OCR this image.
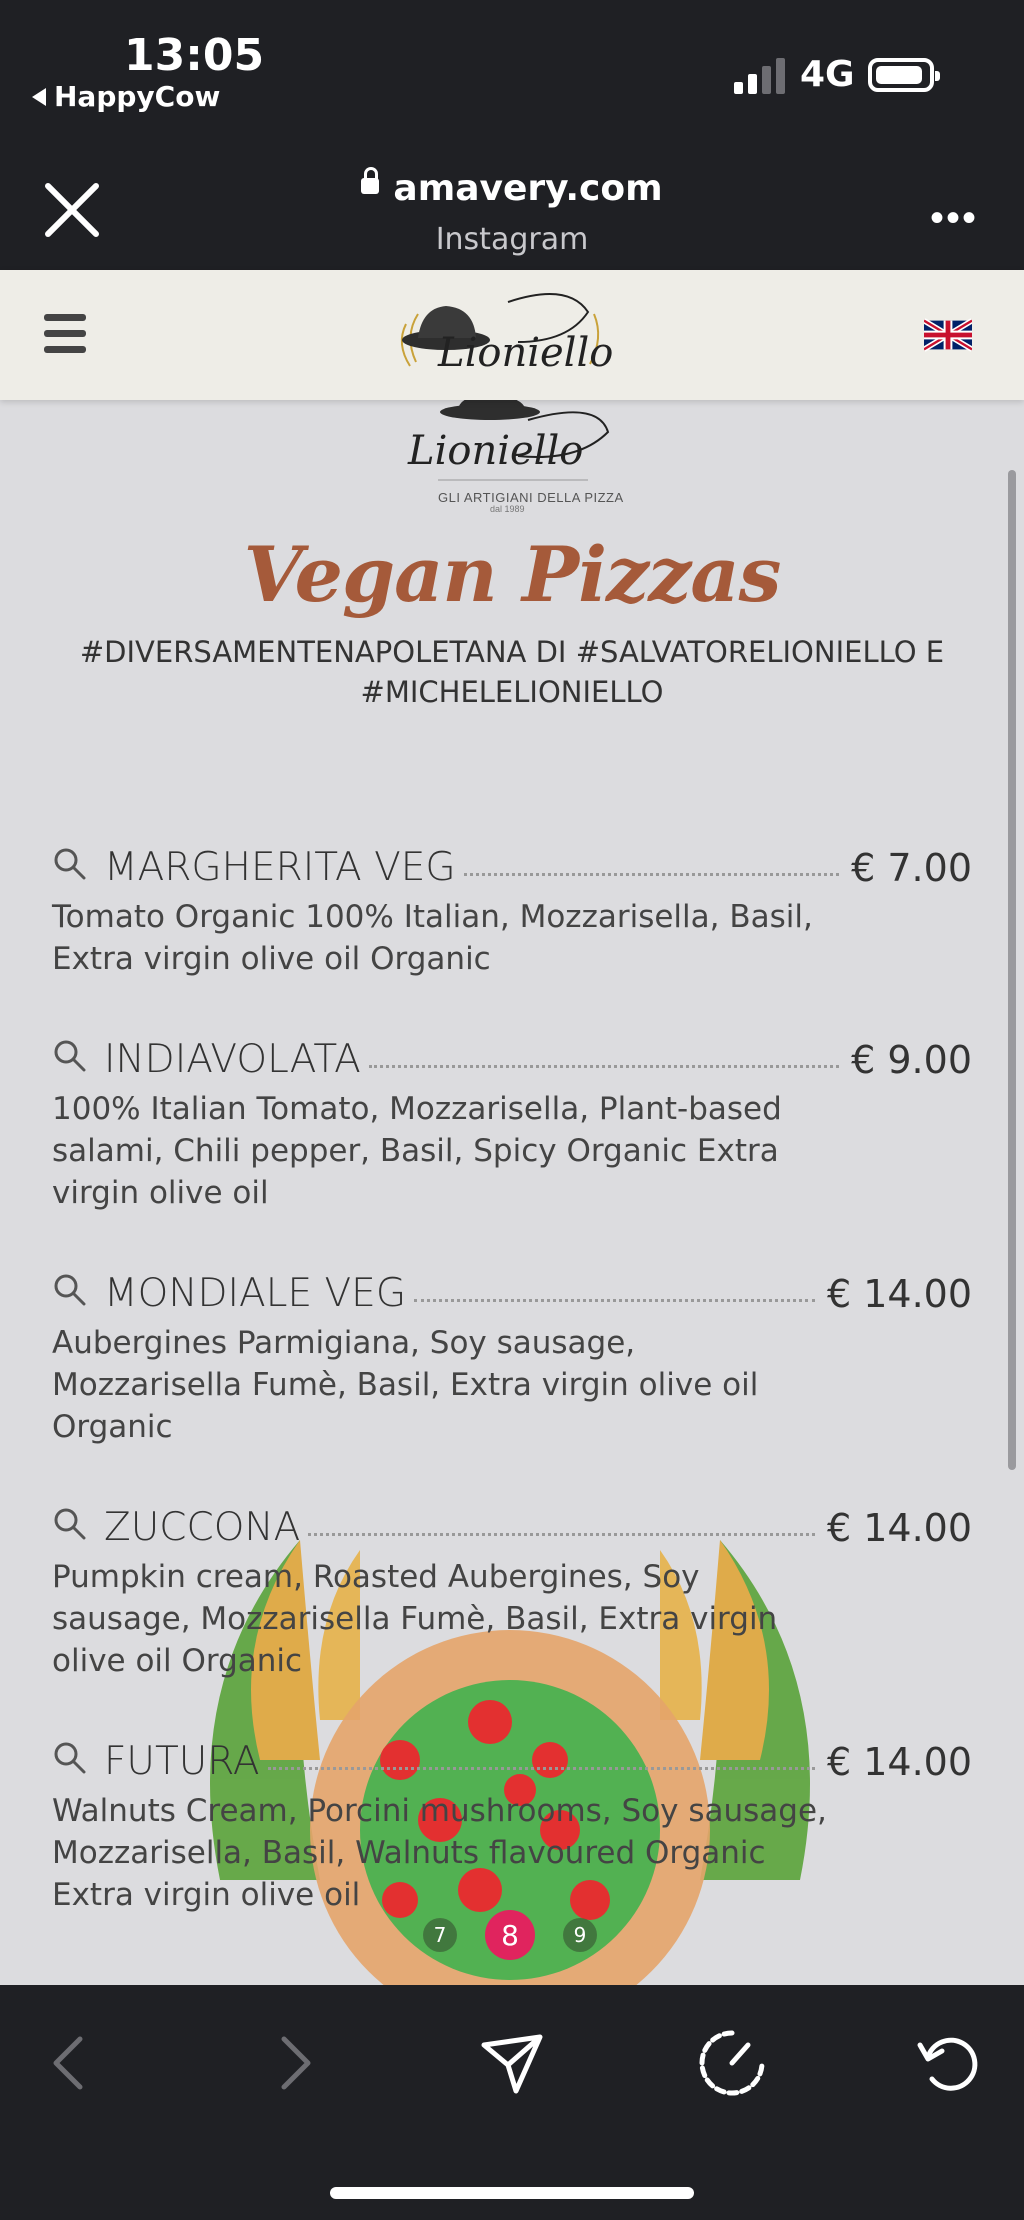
13:05
HappyCow
4G
amavery.com
Instagram	•••
Lioniello
Lioniello
GLI ARTIGIANI DELLA PIZZA
dal 1989
Vegan Pizzas
#DIVERSAMENTENAPOLETANA DI #SALVATORELIONIELLO E #MICHELELIONIELLO
MARGHERITA VEG	€ 7.00
Tomato Organic 100% Italian, Mozzarisella, Basil, Extra virgin olive oil Organic
INDIAVOLATA	€ 9.00
100% Italian Tomato, Mozzarisella, Plant-based salami, Chili pepper, Basil, Spicy Organic Extra virgin olive oil
MONDIALE VEG	€ 14.00
Aubergines Parmigiana, Soy sausage, Mozzarisella Fumè, Basil, Extra virgin olive oil Organic
ZUCCONA	€ 14.00
Pumpkin cream, Roasted Aubergines, Soy sausage, Mozzarisella Fumè, Basil, Extra virgin olive oil Organic
FUTURA	€ 14.00
Walnuts Cream, Porcini mushrooms, Soy sausage, Mozzarisella, Basil, Walnuts flavoured Organic Extra virgin olive oil
7 8	9
